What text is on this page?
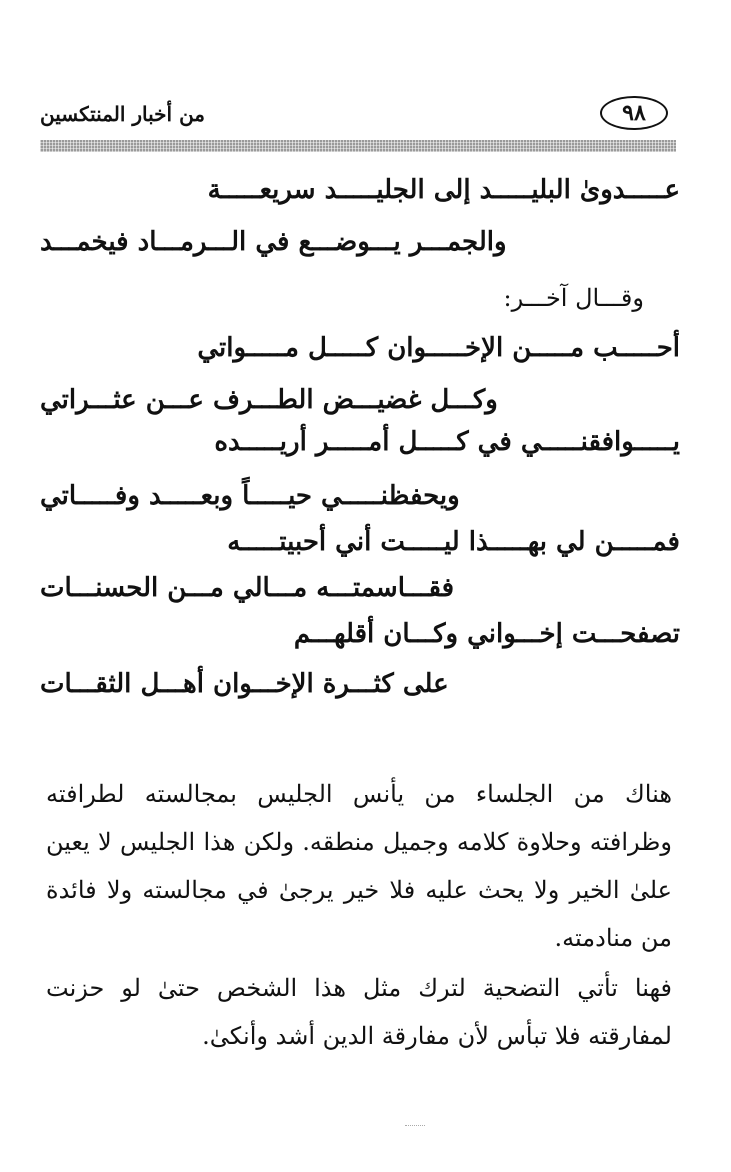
٩٨
من أخبار المنتكسين
عـــــدوىٰ البليـــــد إلى الجليـــــد سريعـــــة
والجمـــر يـــوضـــع في الـــرمـــاد فيخمـــد
وقـــال آخـــر:
أحـــــب مـــــن الإخـــــوان كـــــل مـــــواتي
وكـــل غضيـــض الطـــرف عـــن عثـــراتي
يـــــوافقنـــــي في كـــــل أمـــــر أريـــــده
ويحفظنـــــي حيـــــاً وبعـــــد وفـــــاتي
فمـــــن لي بهـــــذا ليـــــت أني أحبيتـــــه
فقـــاسمتـــه مـــالي مـــن الحسنـــات
تصفحـــت إخـــواني وكـــان أقلهـــم
على كثـــرة الإخـــوان أهـــل الثقـــات

هناك من الجلساء من يأنس الجليس بمجالسته لطرافته وظرافته وحلاوة كلامه وجميل منطقه. ولكن هذا الجليس لا يعين علىٰ الخير ولا يحث عليه فلا خير يرجىٰ في مجالسته ولا فائدة من منادمته.

فهنا تأتي التضحية لترك مثل هذا الشخص حتىٰ لو حزنت لمفارقته فلا تبأس لأن مفارقة الدين أشد وأنكىٰ.
